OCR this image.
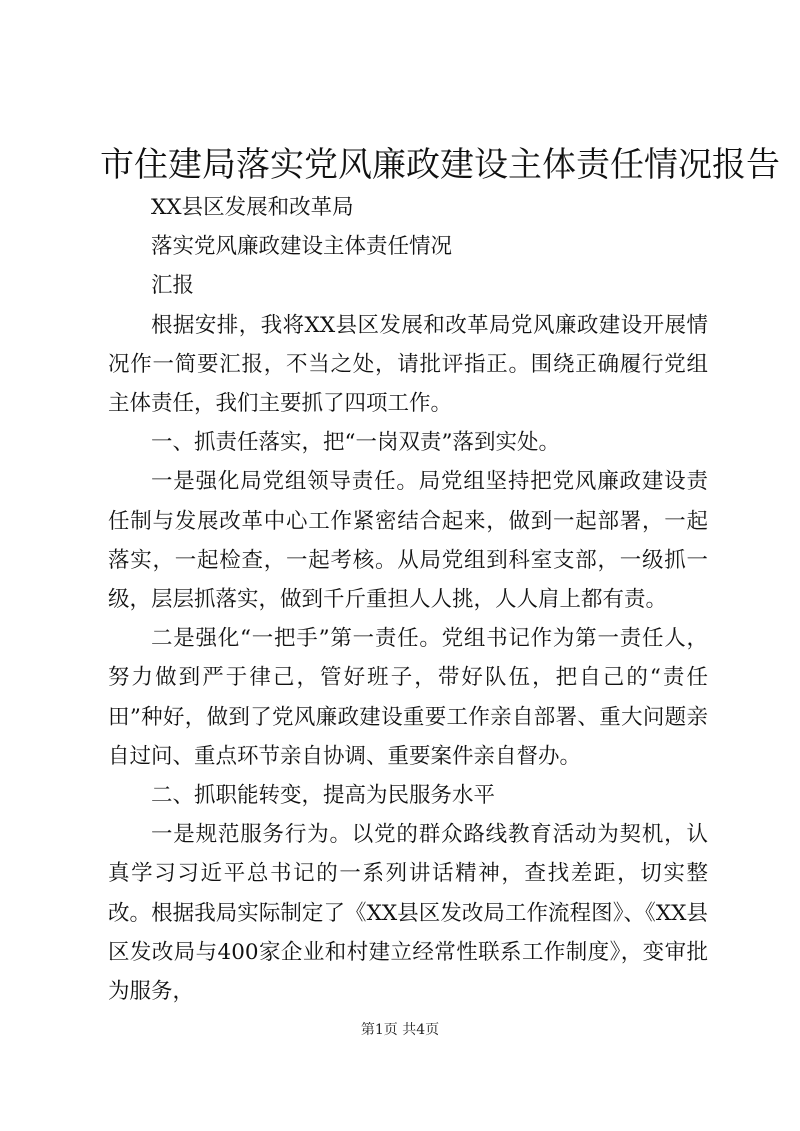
市住建局落实党风廉政建设主体责任情况报告

XX县区发展和改革局

落实党风廉政建设主体责任情况

汇报

根据安排，我将XX县区发展和改革局党风廉政建设开展情况作一简要汇报，不当之处，请批评指正。围绕正确履行党组主体责任，我们主要抓了四项工作。

一、抓责任落实，把“一岗双责”落到实处。

一是强化局党组领导责任。局党组坚持把党风廉政建设责任制与发展改革中心工作紧密结合起来，做到一起部署，一起落实，一起检查，一起考核。从局党组到科室支部，一级抓一级，层层抓落实，做到千斤重担人人挑，人人肩上都有责。

二是强化“一把手”第一责任。党组书记作为第一责任人，努力做到严于律己，管好班子，带好队伍，把自己的“责任田”种好，做到了党风廉政建设重要工作亲自部署、重大问题亲自过问、重点环节亲自协调、重要案件亲自督办。

二、抓职能转变，提高为民服务水平

一是规范服务行为。以党的群众路线教育活动为契机，认真学习习近平总书记的一系列讲话精神，查找差距，切实整改。根据我局实际制定了《XX县区发改局工作流程图》、《XX县区发改局与400家企业和村建立经常性联系工作制度》，变审批为服务，

第1页 共4页
